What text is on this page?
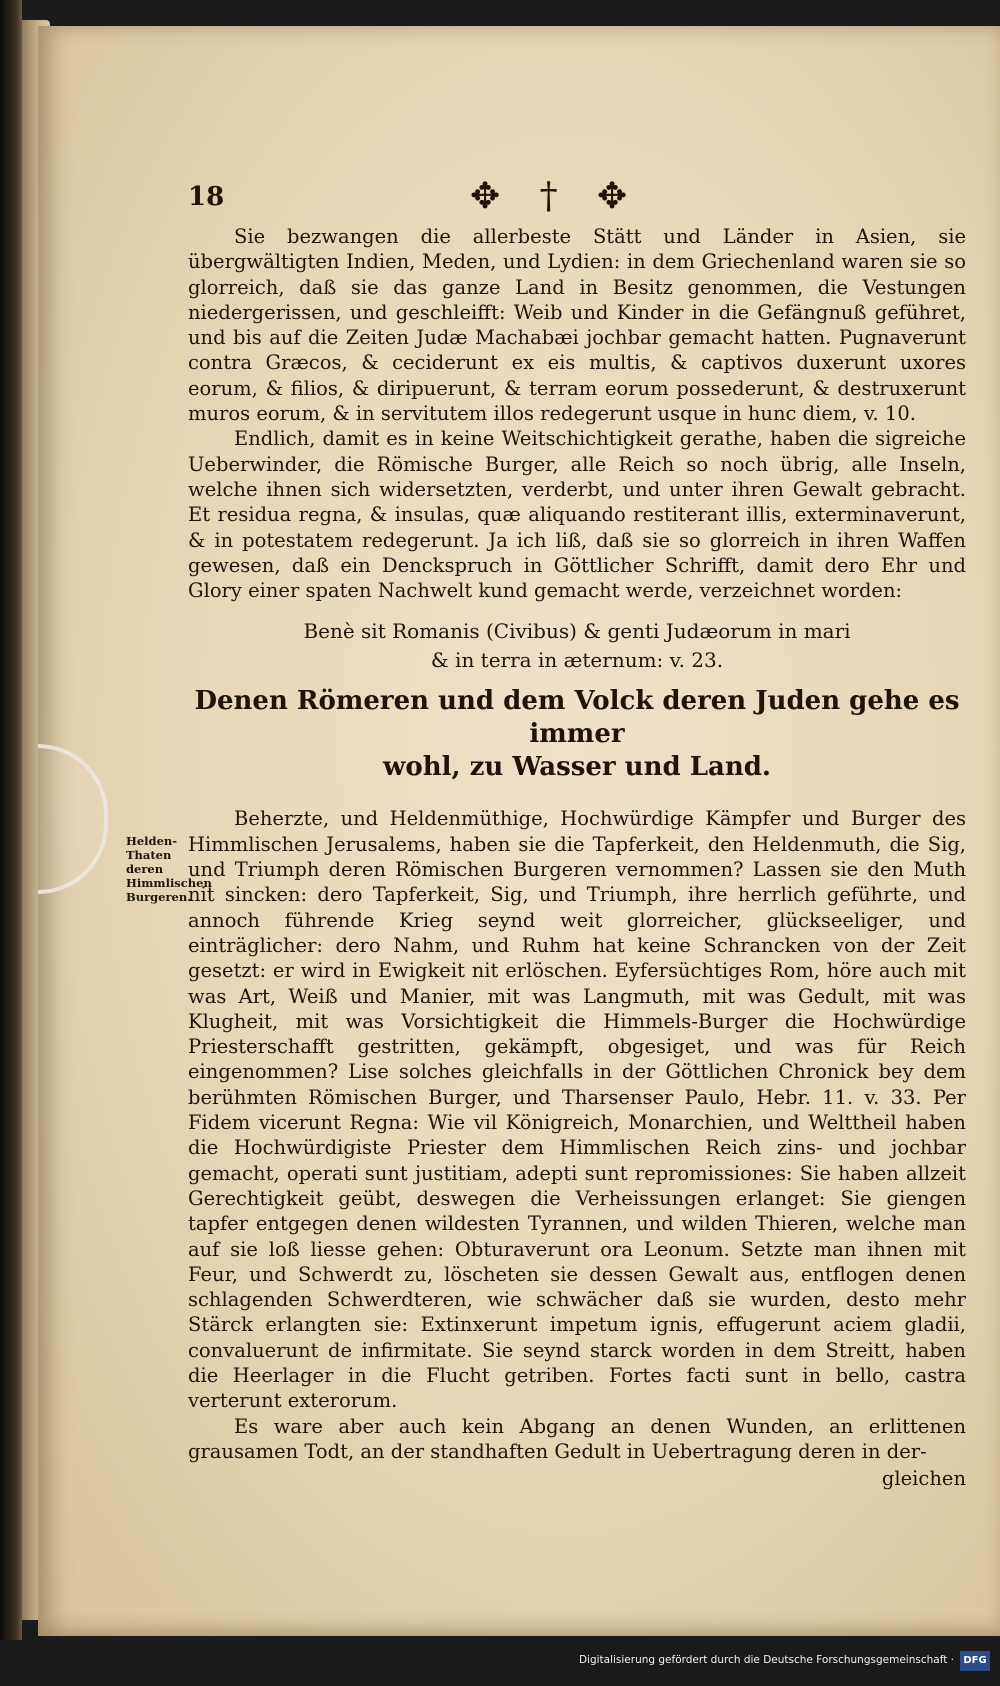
18	✥ † ✥
Helden-Thaten deren Himmlischen Burgeren.

Sie bezwangen die allerbeste Stätt und Länder in Asien, sie übergwältigten Indien, Meden, und Lydien: in dem Griechenland waren sie so glorreich, daß sie das ganze Land in Besitz genommen, die Vestungen niedergerissen, und geschleifft: Weib und Kinder in die Gefängnuß geführet, und bis auf die Zeiten Judæ Machabæi jochbar gemacht hatten. Pugnaverunt contra Græcos, & ceciderunt ex eis multis, & captivos duxerunt uxores eorum, & filios, & diripuerunt, & terram eorum possederunt, & destruxerunt muros eorum, & in servitutem illos redegerunt usque in hunc diem, v. 10.

Endlich, damit es in keine Weitschichtigkeit gerathe, haben die sigreiche Ueberwinder, die Römische Burger, alle Reich so noch übrig, alle Inseln, welche ihnen sich widersetzten, verderbt, und unter ihren Gewalt gebracht. Et residua regna, & insulas, quæ aliquando restiterant illis, exterminaverunt, & in potestatem redegerunt. Ja ich liß, daß sie so glorreich in ihren Waffen gewesen, daß ein Denckspruch in Göttlicher Schrifft, damit dero Ehr und Glory einer spaten Nachwelt kund gemacht werde, verzeichnet worden:

Benè sit Romanis (Civibus) & genti Judæorum in mari
& in terra in æternum: v. 23.
Denen Römeren und dem Volck deren Juden gehe es immer
wohl, zu Wasser und Land.

Beherzte, und Heldenmüthige, Hochwürdige Kämpfer und Burger des Himmlischen Jerusalems, haben sie die Tapferkeit, den Heldenmuth, die Sig, und Triumph deren Römischen Burgeren vernommen? Lassen sie den Muth nit sincken: dero Tapferkeit, Sig, und Triumph, ihre herrlich geführte, und annoch führende Krieg seynd weit glorreicher, glückseeliger, und einträglicher: dero Nahm, und Ruhm hat keine Schrancken von der Zeit gesetzt: er wird in Ewigkeit nit erlöschen. Eyfersüchtiges Rom, höre auch mit was Art, Weiß und Manier, mit was Langmuth, mit was Gedult, mit was Klugheit, mit was Vorsichtigkeit die Himmels-Burger die Hochwürdige Priesterschafft gestritten, gekämpft, obgesiget, und was für Reich eingenommen? Lise solches gleichfalls in der Göttlichen Chronick bey dem berühmten Römischen Burger, und Tharsenser Paulo, Hebr. 11. v. 33. Per Fidem vicerunt Regna: Wie vil Königreich, Monarchien, und Welttheil haben die Hochwürdigiste Priester dem Himmlischen Reich zins- und jochbar gemacht, operati sunt justitiam, adepti sunt repromissiones: Sie haben allzeit Gerechtigkeit geübt, deswegen die Verheissungen erlanget: Sie giengen tapfer entgegen denen wildesten Tyrannen, und wilden Thieren, welche man auf sie loß liesse gehen: Obturaverunt ora Leonum. Setzte man ihnen mit Feur, und Schwerdt zu, löscheten sie dessen Gewalt aus, entflogen denen schlagenden Schwerdteren, wie schwächer daß sie wurden, desto mehr Stärck erlangten sie: Extinxerunt impetum ignis, effugerunt aciem gladii, convaluerunt de infirmitate. Sie seynd starck worden in dem Streitt, haben die Heerlager in die Flucht getriben. Fortes facti sunt in bello, castra verterunt exterorum.

Es ware aber auch kein Abgang an denen Wunden, an erlittenen grausamen Todt, an der standhaften Gedult in Uebertragung deren in der-

gleichen
Digitalisierung gefördert durch die Deutsche Forschungsgemeinschaft · DFG
